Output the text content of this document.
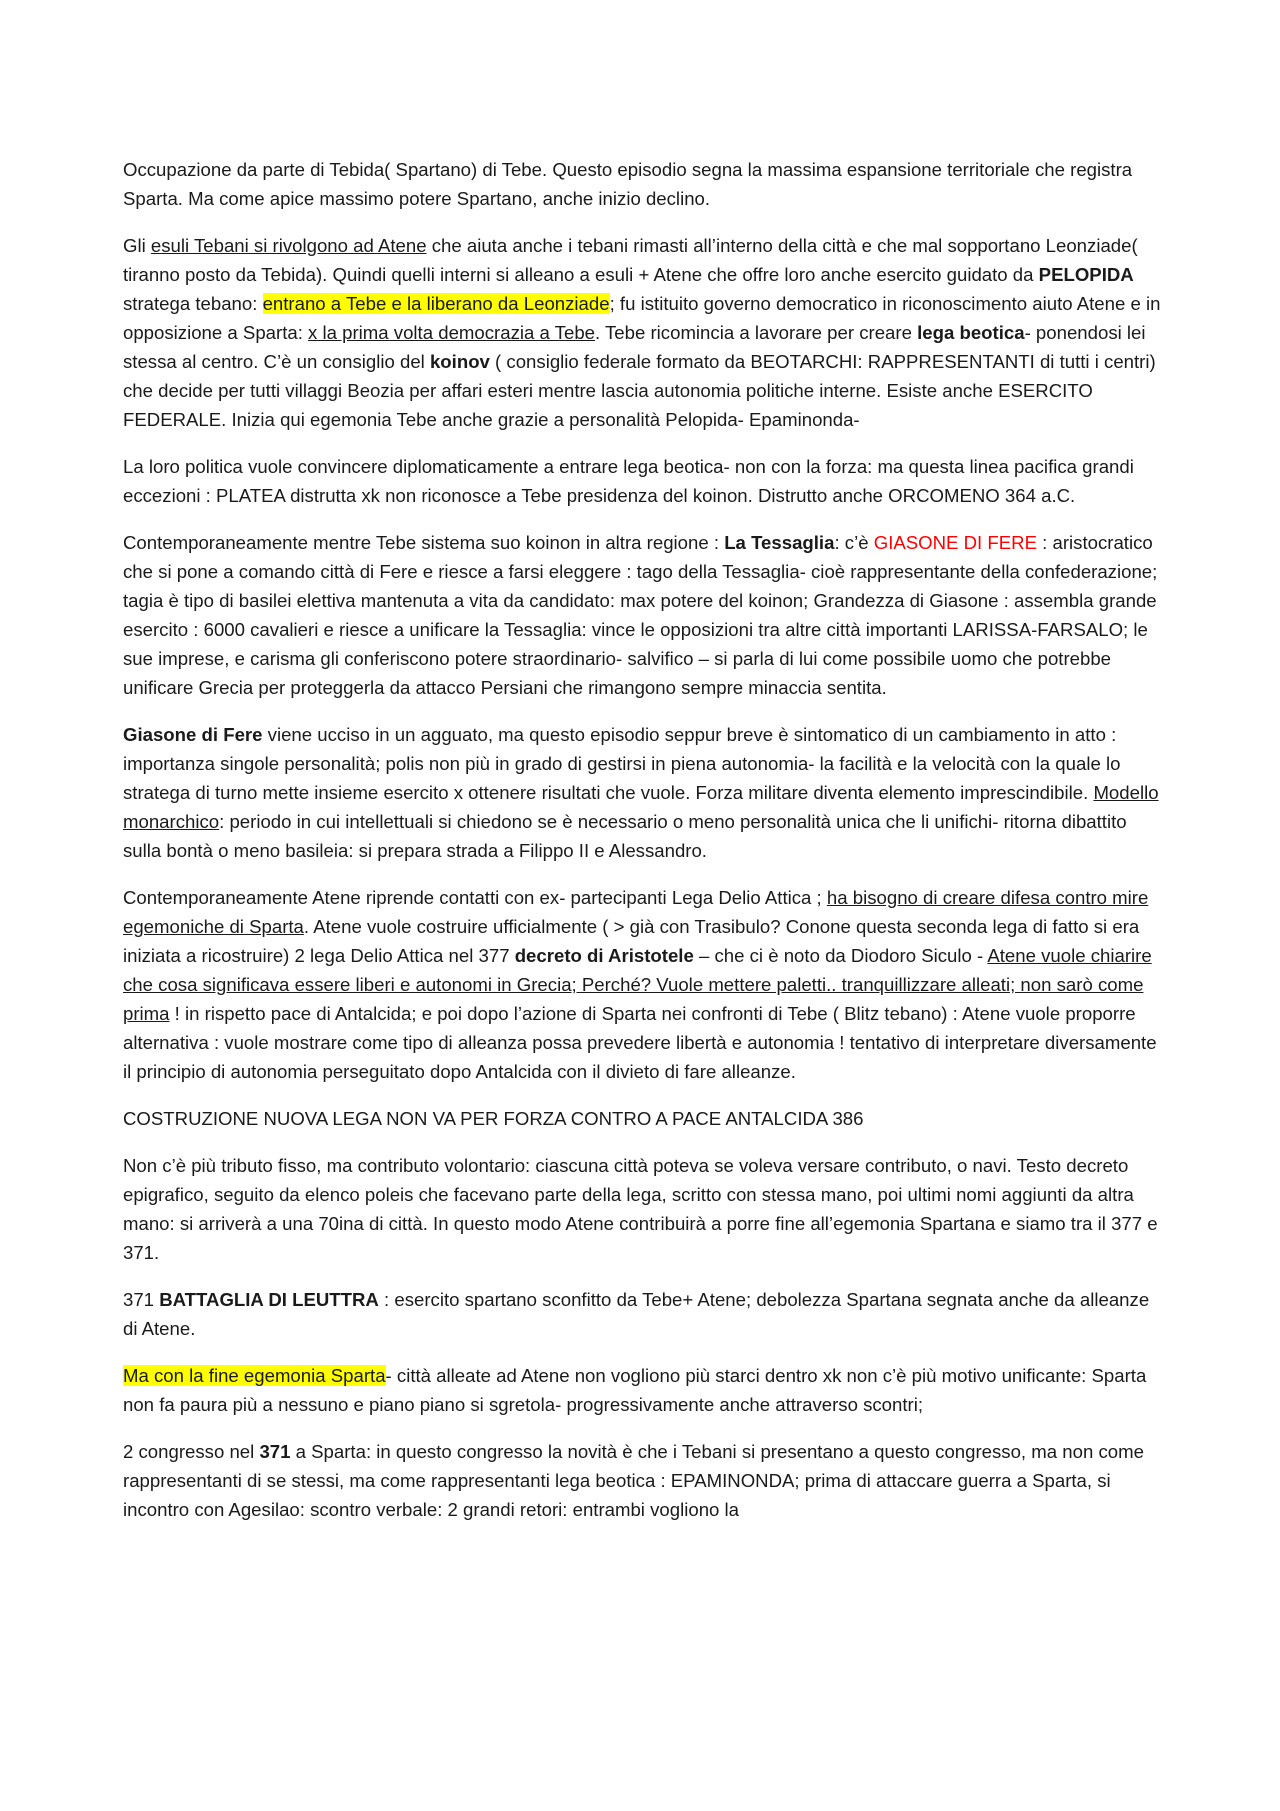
Occupazione da parte di Tebida( Spartano) di Tebe. Questo episodio segna la massima espansione territoriale che registra Sparta. Ma come apice massimo potere Spartano, anche inizio declino.

Gli esuli Tebani si rivolgono ad Atene che aiuta anche i tebani rimasti all’interno della città e che mal sopportano Leonziade( tiranno posto da Tebida). Quindi quelli interni si alleano a esuli + Atene che offre loro anche esercito guidato da PELOPIDA stratega tebano: entrano a Tebe e la liberano da Leonziade; fu istituito governo democratico in riconoscimento aiuto Atene e in opposizione a Sparta: x la prima volta democrazia a Tebe. Tebe ricomincia a lavorare per creare lega beotica- ponendosi lei stessa al centro. C’è un consiglio del koinov ( consiglio federale formato da BEOTARCHI: RAPPRESENTANTI di tutti i centri) che decide per tutti villaggi Beozia per affari esteri mentre lascia autonomia politiche interne. Esiste anche ESERCITO FEDERALE. Inizia qui egemonia Tebe anche grazie a personalità Pelopida- Epaminonda-

La loro politica vuole convincere diplomaticamente a entrare lega beotica- non con la forza: ma questa linea pacifica grandi eccezioni : PLATEA distrutta xk non riconosce a Tebe presidenza del koinon. Distrutto anche ORCOMENO 364 a.C.

Contemporaneamente mentre Tebe sistema suo koinon in altra regione : La Tessaglia: c’è GIASONE DI FERE : aristocratico che si pone a comando città di Fere e riesce a farsi eleggere : tago della Tessaglia- cioè rappresentante della confederazione; tagia è tipo di basilei elettiva mantenuta a vita da candidato: max potere del koinon; Grandezza di Giasone : assembla grande esercito : 6000 cavalieri e riesce a unificare la Tessaglia: vince le opposizioni tra altre città importanti LARISSA-FARSALO; le sue imprese, e carisma gli conferiscono potere straordinario- salvifico – si parla di lui come possibile uomo che potrebbe unificare Grecia per proteggerla da attacco Persiani che rimangono sempre minaccia sentita.

Giasone di Fere viene ucciso in un agguato, ma questo episodio seppur breve è sintomatico di un cambiamento in atto : importanza singole personalità; polis non più in grado di gestirsi in piena autonomia- la facilità e la velocità con la quale lo stratega di turno mette insieme esercito x ottenere risultati che vuole. Forza militare diventa elemento imprescindibile. Modello monarchico: periodo in cui intellettuali si chiedono se è necessario o meno personalità unica che li unifichi- ritorna dibattito sulla bontà o meno basileia: si prepara strada a Filippo II e Alessandro.

Contemporaneamente Atene riprende contatti con ex- partecipanti Lega Delio Attica ; ha bisogno di creare difesa contro mire egemoniche di Sparta. Atene vuole costruire ufficialmente ( > già con Trasibulo? Conone questa seconda lega di fatto si era iniziata a ricostruire) 2 lega Delio Attica nel 377 decreto di Aristotele – che ci è noto da Diodoro Siculo - Atene vuole chiarire che cosa significava essere liberi e autonomi in Grecia; Perché? Vuole mettere paletti.. tranquillizzare alleati; non sarò come prima ! in rispetto pace di Antalcida; e poi dopo l’azione di Sparta nei confronti di Tebe ( Blitz tebano) : Atene vuole proporre alternativa : vuole mostrare come tipo di alleanza possa prevedere libertà e autonomia ! tentativo di interpretare diversamente il principio di autonomia perseguitato dopo Antalcida con il divieto di fare alleanze.

COSTRUZIONE NUOVA LEGA NON VA PER FORZA CONTRO A PACE ANTALCIDA 386

Non c’è più tributo fisso, ma contributo volontario: ciascuna città poteva se voleva versare contributo, o navi. Testo decreto epigrafico, seguito da elenco poleis che facevano parte della lega, scritto con stessa mano, poi ultimi nomi aggiunti da altra mano: si arriverà a una 70ina di città. In questo modo Atene contribuirà a porre fine all’egemonia Spartana e siamo tra il 377 e 371.

371 BATTAGLIA DI LEUTTRA : esercito spartano sconfitto da Tebe+ Atene; debolezza Spartana segnata anche da alleanze di Atene.

Ma con la fine egemonia Sparta- città alleate ad Atene non vogliono più starci dentro xk non c’è più motivo unificante: Sparta non fa paura più a nessuno e piano piano si sgretola- progressivamente anche attraverso scontri;

2 congresso nel 371 a Sparta: in questo congresso la novità è che i Tebani si presentano a questo congresso, ma non come rappresentanti di se stessi, ma come rappresentanti lega beotica : EPAMINONDA; prima di attaccare guerra a Sparta, si incontro con Agesilao: scontro verbale: 2 grandi retori: entrambi vogliono la
